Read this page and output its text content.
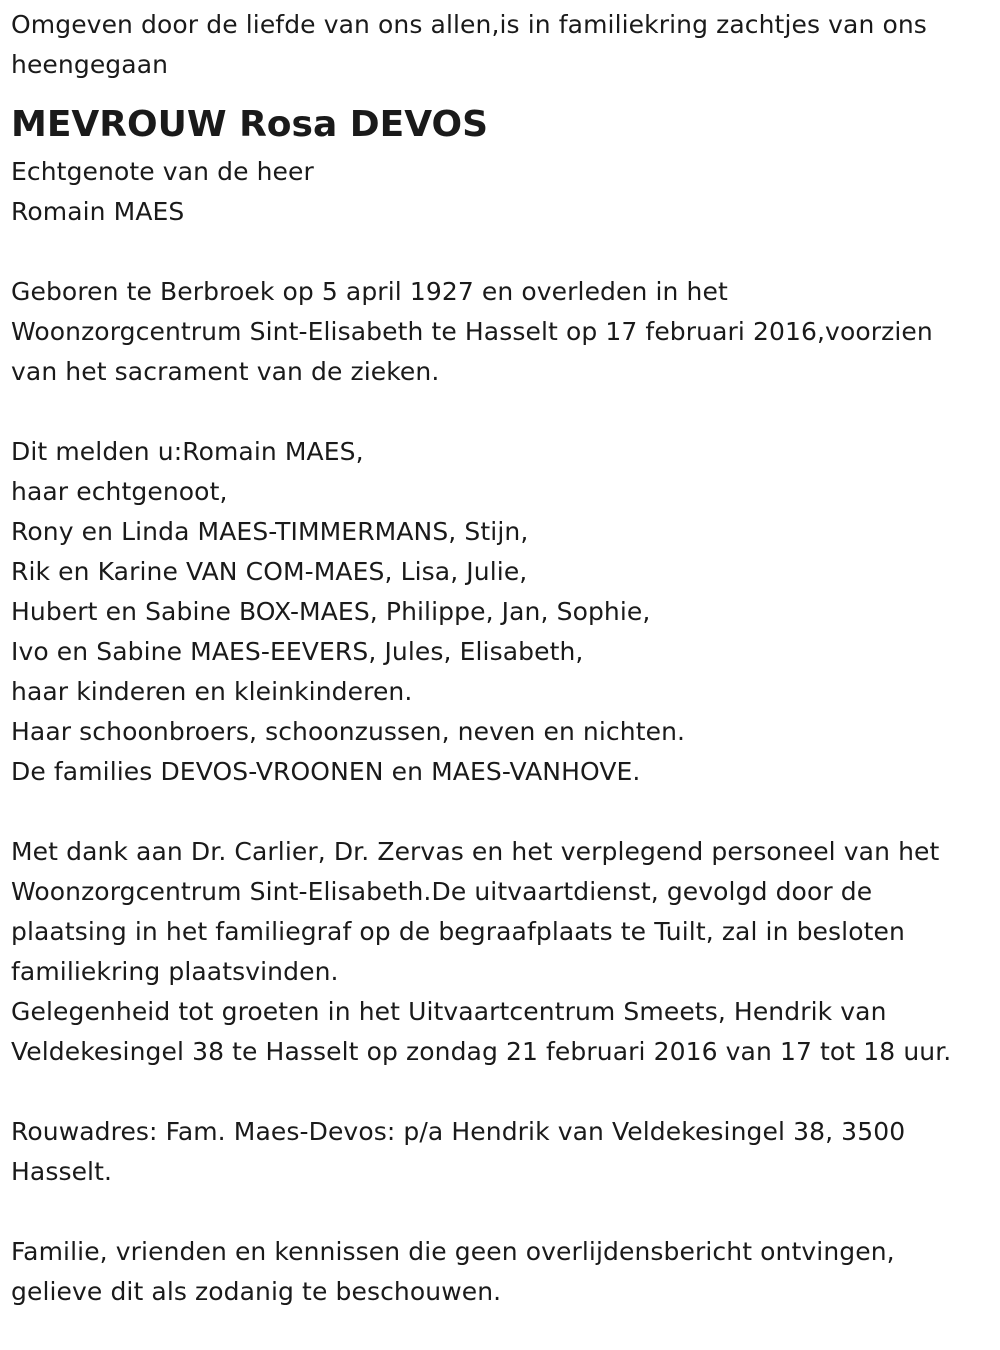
Omgeven door de liefde van ons allen,is in familiekring zachtjes van ons
heengegaan
MEVROUW Rosa DEVOS
Echtgenote van de heer
Romain MAES
Geboren te Berbroek op 5 april 1927 en overleden in het
Woonzorgcentrum Sint-Elisabeth te Hasselt op 17 februari 2016,voorzien
van het sacrament van de zieken.
Dit melden u:Romain MAES,
haar echtgenoot,
Rony en Linda MAES-TIMMERMANS, Stijn,
Rik en Karine VAN COM-MAES, Lisa, Julie,
Hubert en Sabine BOX-MAES, Philippe, Jan, Sophie,
Ivo en Sabine MAES-EEVERS, Jules, Elisabeth,
haar kinderen en kleinkinderen.
Haar schoonbroers, schoonzussen, neven en nichten.
De families DEVOS-VROONEN en MAES-VANHOVE.
Met dank aan Dr. Carlier, Dr. Zervas en het verplegend personeel van het
Woonzorgcentrum Sint-Elisabeth.De uitvaartdienst, gevolgd door de
plaatsing in het familiegraf op de begraafplaats te Tuilt, zal in besloten
familiekring plaatsvinden.
Gelegenheid tot groeten in het Uitvaartcentrum Smeets, Hendrik van
Veldekesingel 38 te Hasselt op zondag 21 februari 2016 van 17 tot 18 uur.
Rouwadres: Fam. Maes-Devos: p/a Hendrik van Veldekesingel 38, 3500
Hasselt.
Familie, vrienden en kennissen die geen overlijdensbericht ontvingen,
gelieve dit als zodanig te beschouwen.
